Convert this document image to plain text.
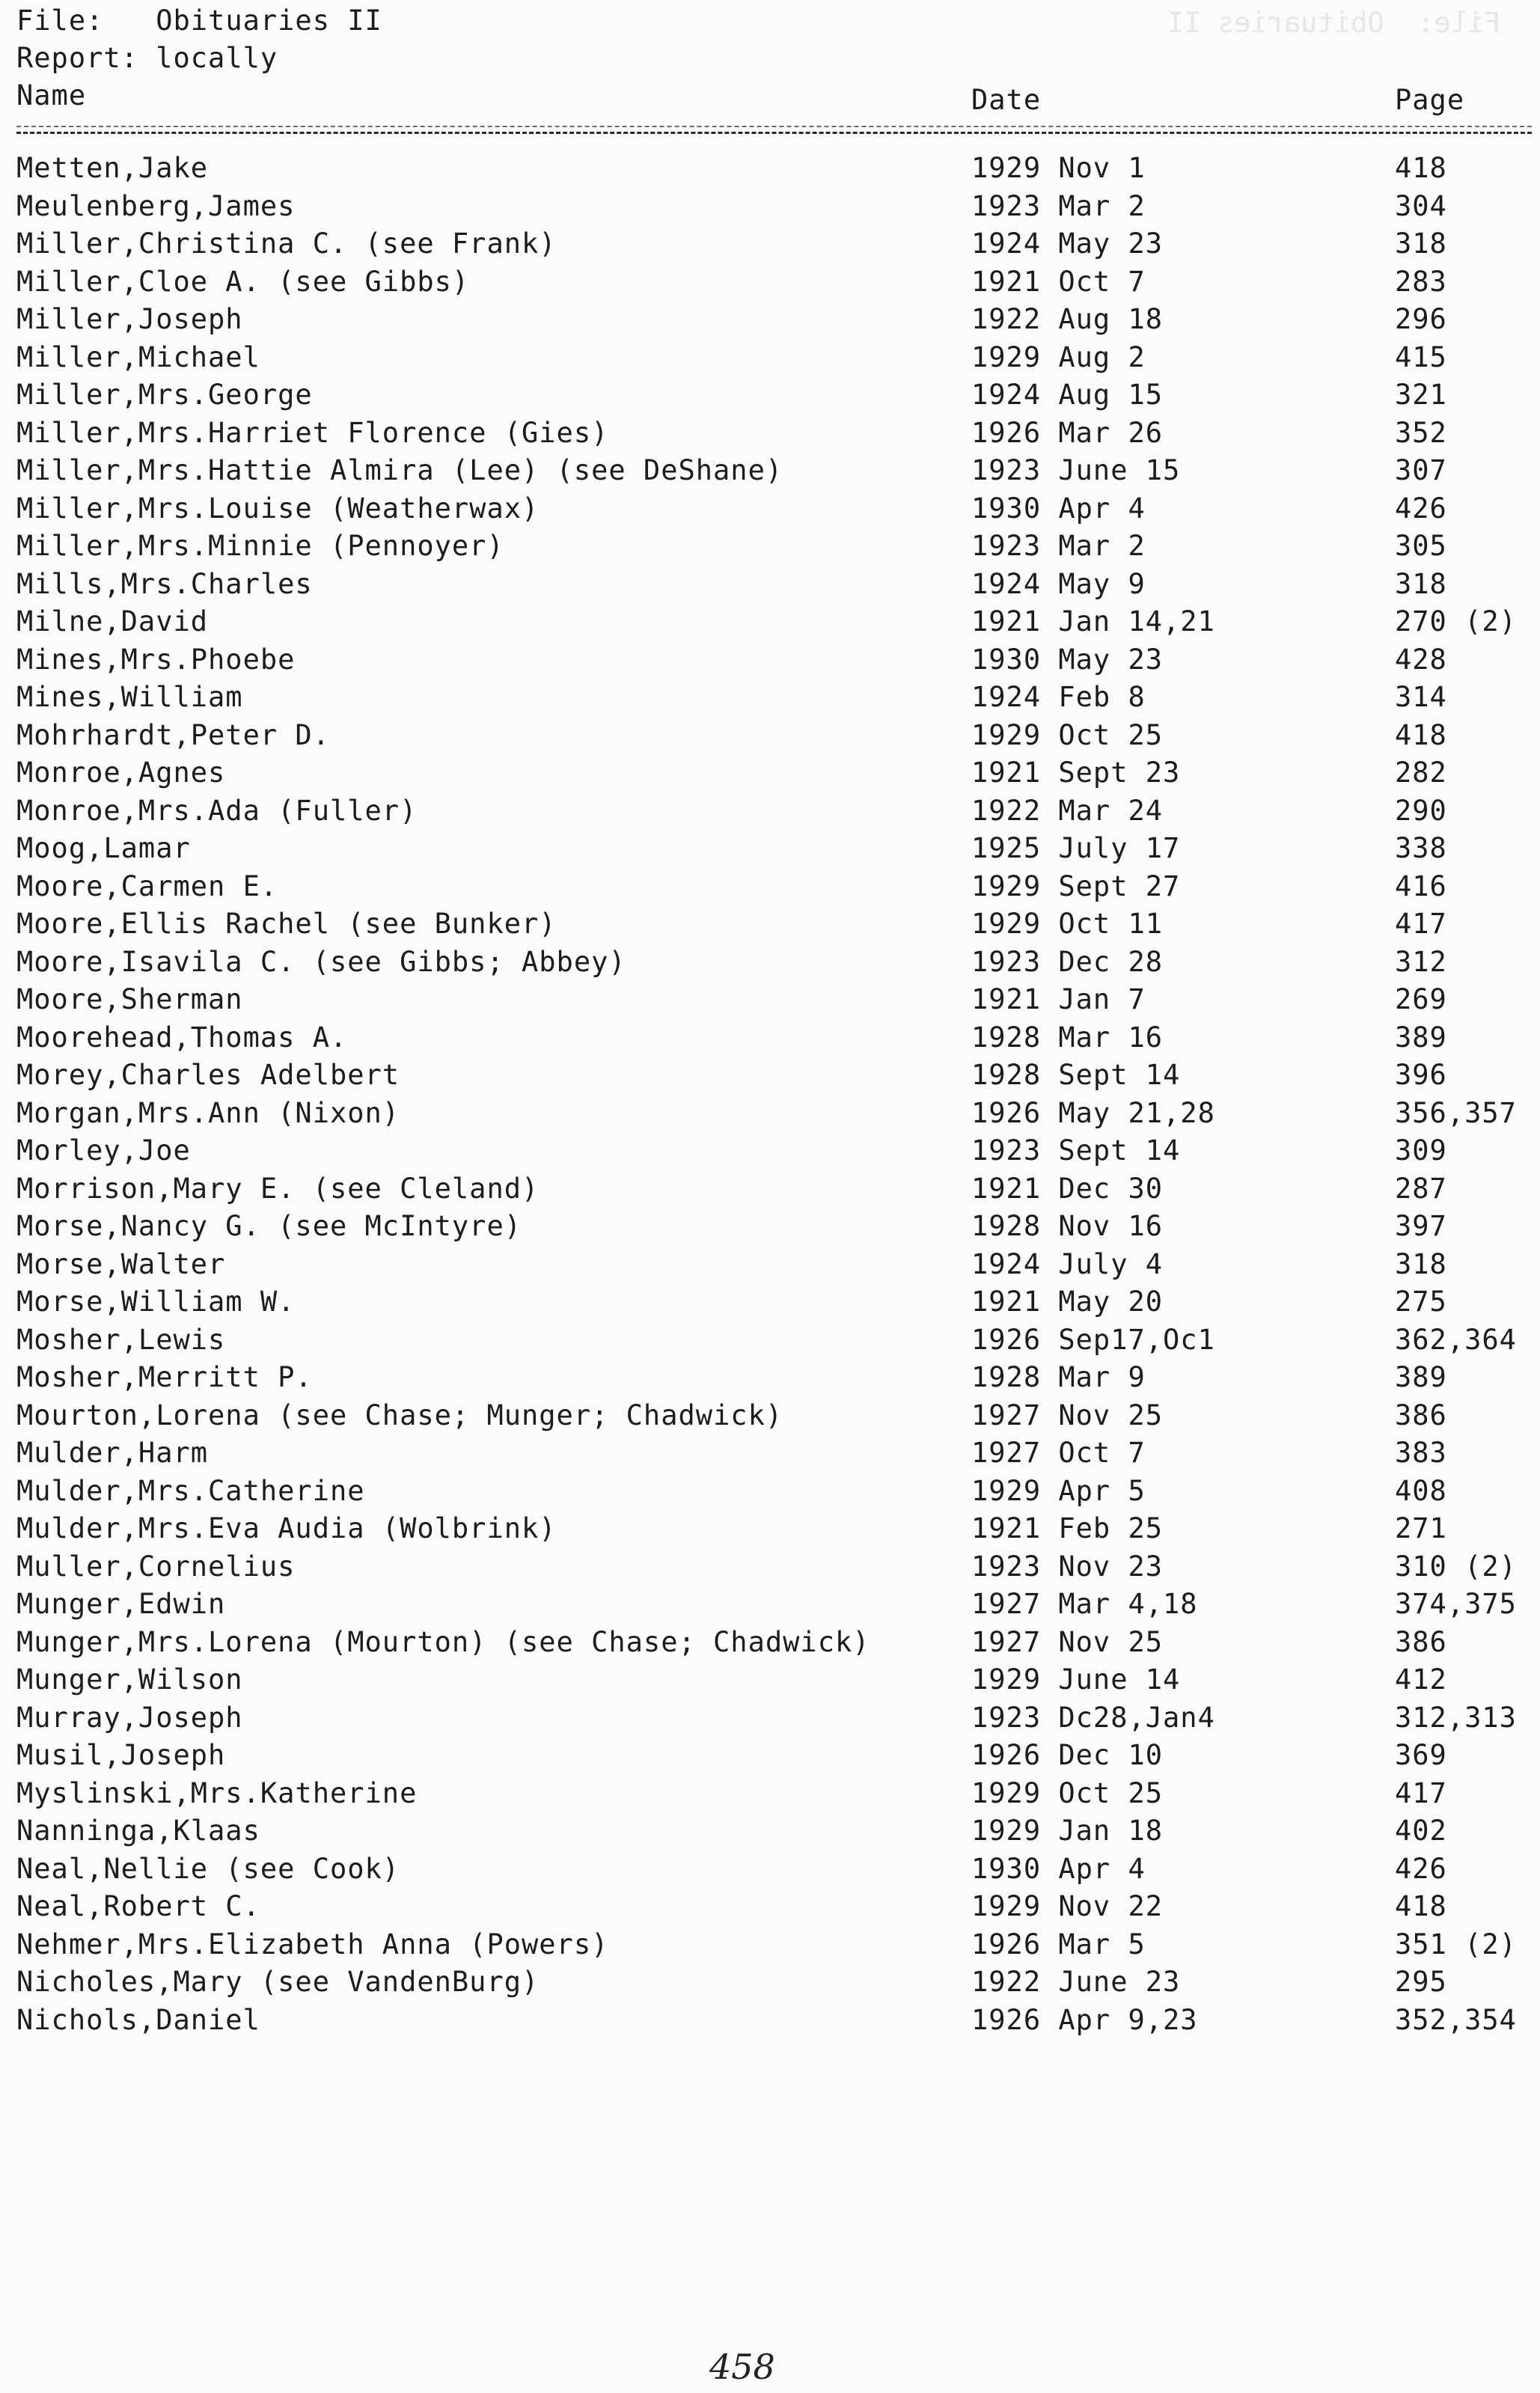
File:  Obituaries II
File: Obituaries II
Report: locally
Name	Date	Page
Metten,Jake	1929 Nov 1	418
Meulenberg,James	1923 Mar 2	304
Miller,Christina C. (see Frank)	1924 May 23	318
Miller,Cloe A. (see Gibbs)	1921 Oct 7	283
Miller,Joseph	1922 Aug 18	296
Miller,Michael	1929 Aug 2	415
Miller,Mrs.George	1924 Aug 15	321
Miller,Mrs.Harriet Florence (Gies)	1926 Mar 26	352
Miller,Mrs.Hattie Almira (Lee) (see DeShane)	1923 June 15	307
Miller,Mrs.Louise (Weatherwax)	1930 Apr 4	426
Miller,Mrs.Minnie (Pennoyer)	1923 Mar 2	305
Mills,Mrs.Charles	1924 May 9	318
Milne,David	1921 Jan 14,21	270 (2)
Mines,Mrs.Phoebe	1930 May 23	428
Mines,William	1924 Feb 8	314
Mohrhardt,Peter D.	1929 Oct 25	418
Monroe,Agnes	1921 Sept 23	282
Monroe,Mrs.Ada (Fuller)	1922 Mar 24	290
Moog,Lamar	1925 July 17	338
Moore,Carmen E.	1929 Sept 27	416
Moore,Ellis Rachel (see Bunker)	1929 Oct 11	417
Moore,Isavila C. (see Gibbs; Abbey)	1923 Dec 28	312
Moore,Sherman	1921 Jan 7	269
Moorehead,Thomas A.	1928 Mar 16	389
Morey,Charles Adelbert	1928 Sept 14	396
Morgan,Mrs.Ann (Nixon)	1926 May 21,28	356,357
Morley,Joe	1923 Sept 14	309
Morrison,Mary E. (see Cleland)	1921 Dec 30	287
Morse,Nancy G. (see McIntyre)	1928 Nov 16	397
Morse,Walter	1924 July 4	318
Morse,William W.	1921 May 20	275
Mosher,Lewis	1926 Sep17,Oc1	362,364
Mosher,Merritt P.	1928 Mar 9	389
Mourton,Lorena (see Chase; Munger; Chadwick)	1927 Nov 25	386
Mulder,Harm	1927 Oct 7	383
Mulder,Mrs.Catherine	1929 Apr 5	408
Mulder,Mrs.Eva Audia (Wolbrink)	1921 Feb 25	271
Muller,Cornelius	1923 Nov 23	310 (2)
Munger,Edwin	1927 Mar 4,18	374,375
Munger,Mrs.Lorena (Mourton) (see Chase; Chadwick)	1927 Nov 25	386
Munger,Wilson	1929 June 14	412
Murray,Joseph	1923 Dc28,Jan4	312,313
Musil,Joseph	1926 Dec 10	369
Myslinski,Mrs.Katherine	1929 Oct 25	417
Nanninga,Klaas	1929 Jan 18	402
Neal,Nellie (see Cook)	1930 Apr 4	426
Neal,Robert C.	1929 Nov 22	418
Nehmer,Mrs.Elizabeth Anna (Powers)	1926 Mar 5	351 (2)
Nicholes,Mary (see VandenBurg)	1922 June 23	295
Nichols,Daniel	1926 Apr 9,23	352,354
458
